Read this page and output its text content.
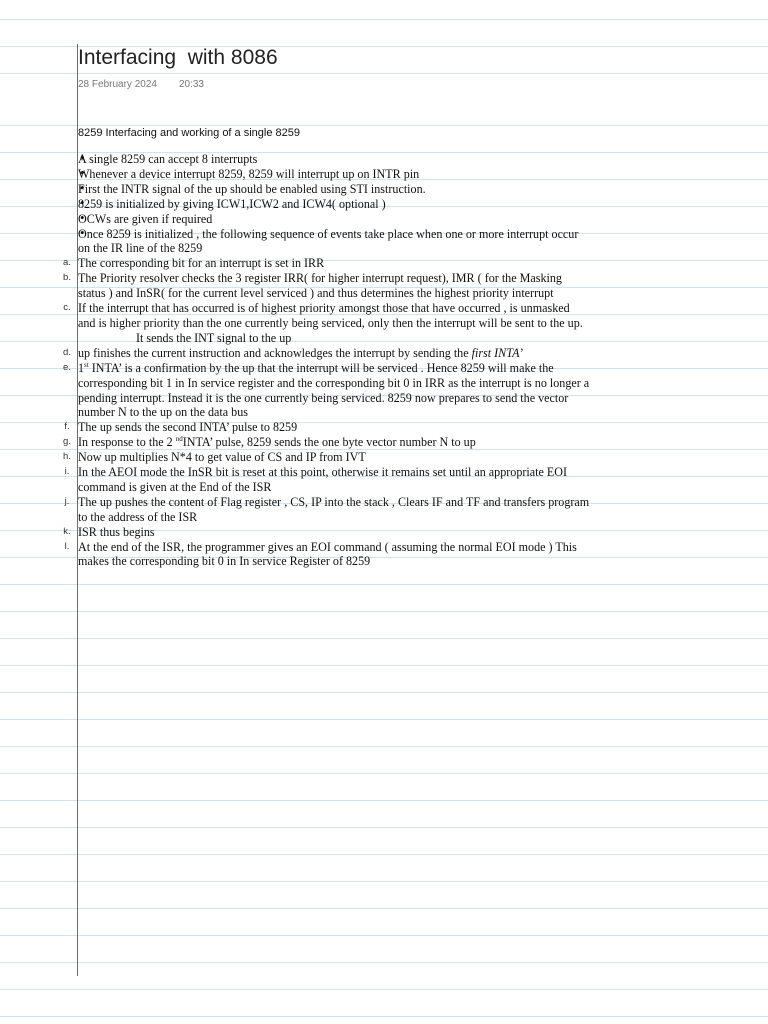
Interfacing  with 8086
28 February 2024 20:33
8259 Interfacing and working of a single 8259
• A single 8259 can accept 8 interrupts
• Whenever a device interrupt 8259, 8259 will interrupt up on INTR pin
• First the INTR signal of the up should be enabled using STI instruction.
• 8259 is initialized by giving ICW1,ICW2 and ICW4( optional )
• OCWs are given if required
• Once 8259 is initialized , the following sequence of events take place when one or more interrupt occur on the IR line of the 8259
a. The corresponding bit for an interrupt is set in IRR
b. The Priority resolver checks the 3 register IRR( for higher interrupt request), IMR ( for the Masking status ) and InSR( for the current level serviced ) and thus determines the highest priority interrupt
c. If the interrupt that has occurred is of highest priority amongst those that have occurred , is unmasked and is higher priority than the one currently being serviced, only then the interrupt will be sent to the up.
It sends the INT signal to the up
d. up finishes the current instruction and acknowledges the interrupt by sending the first INTA’
e. 1st INTA’ is a confirmation by the up that the interrupt will be serviced . Hence 8259 will make the corresponding bit 1 in In service register and the corresponding bit 0 in IRR as the interrupt is no longer a pending interrupt. Instead it is the one currently being serviced. 8259 now prepares to send the vector number N to the up on the data bus
f. The up sends the second INTA’ pulse to 8259
g. In response to the 2 $^{nd}$INTA’ pulse, 8259 sends the one byte vector number N to up
h. Now up multiplies N*4 to get value of CS and IP from IVT
i. In the AEOI mode the InSR bit is reset at this point, otherwise it remains set until an appropriate EOI command is given at the End of the ISR
j. The up pushes the content of Flag register , CS, IP into the stack , Clears IF and TF and transfers program to the address of the ISR
k. ISR thus begins
l. At the end of the ISR, the programmer gives an EOI command ( assuming the normal EOI mode ) This makes the corresponding bit 0 in In service Register of 8259
